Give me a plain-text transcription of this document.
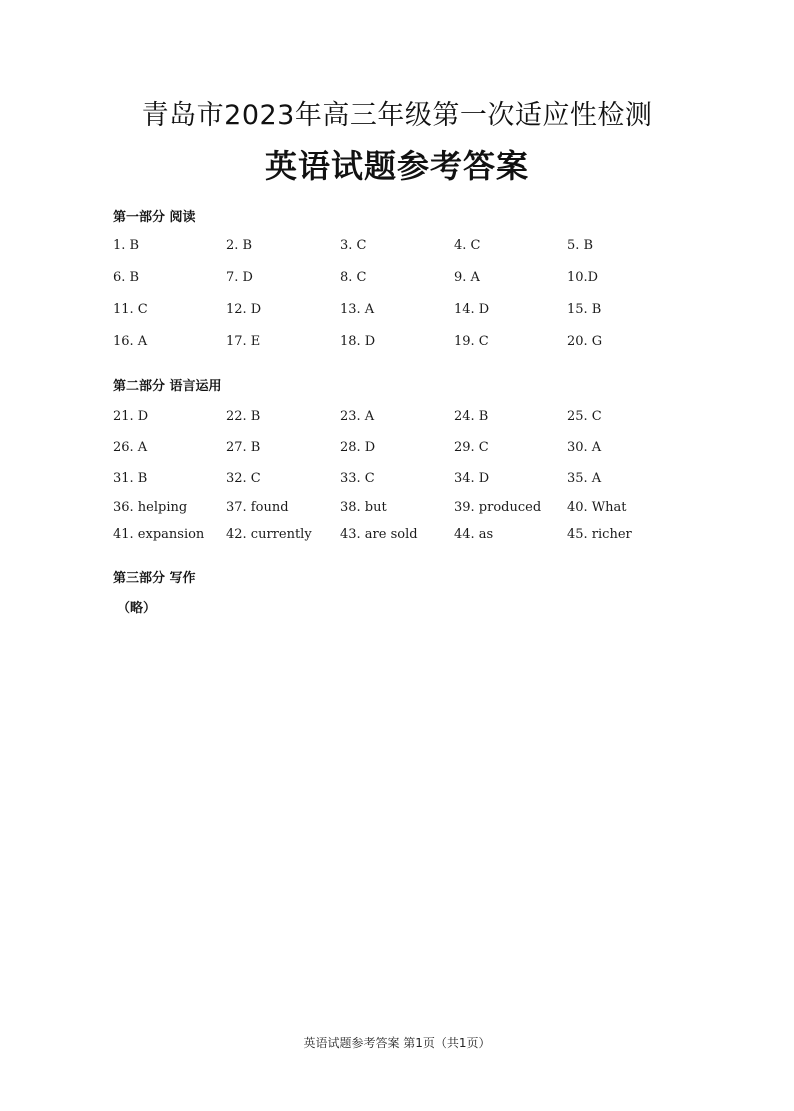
青岛市2023年高三年级第一次适应性检测
英语试题参考答案
第一部分 阅读
1. B	2. B	3. C	4. C	5. B
6. B	7. D	8. C	9. A	10.D
11. C	12. D	13. A	14. D	15. B
16. A	17. E	18. D	19. C	20. G
第二部分 语言运用
21. D	22. B	23. A	24. B	25. C
26. A	27. B	28. D	29. C	30. A
31. B	32. C	33. C	34. D	35. A
36. helping	37. found	38. but	39. produced 40. What
41. expansion 42. currently 43. are sold	44. as	45. richer
第三部分 写作
（略）
英语试题参考答案 第1页（共1页）
